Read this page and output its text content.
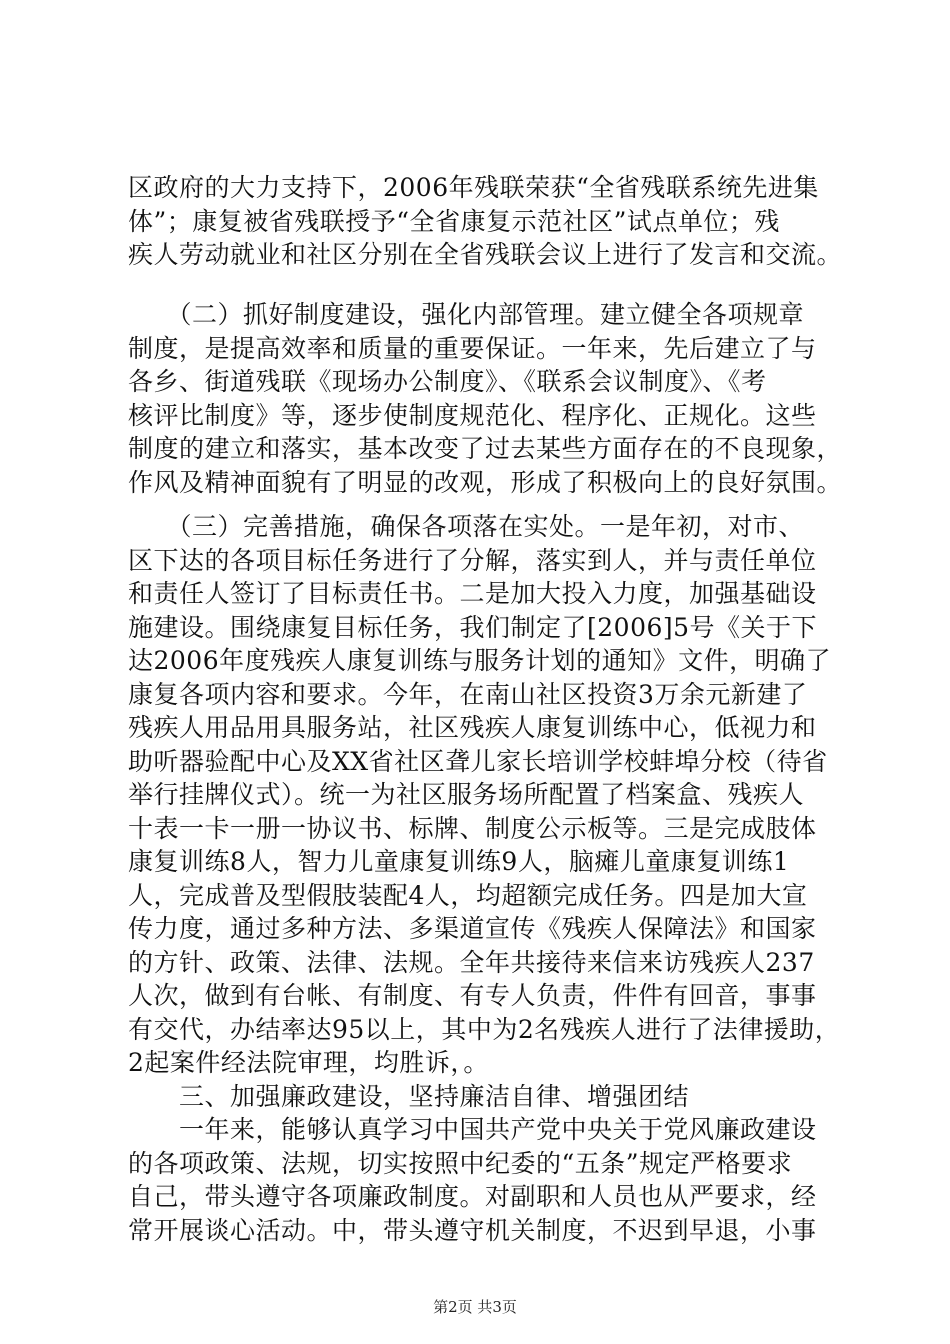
区政府的大力支持下，2006年残联荣获“全省残联系统先进集
体”；康复被省残联授予“全省康复示范社区”试点单位；残
疾人劳动就业和社区分别在全省残联会议上进行了发言和交流。
　　（二）抓好制度建设，强化内部管理。建立健全各项规章
制度，是提高效率和质量的重要保证。一年来，先后建立了与
各乡、街道残联《现场办公制度》、《联系会议制度》、《考
核评比制度》等，逐步使制度规范化、程序化、正规化。这些
制度的建立和落实，基本改变了过去某些方面存在的不良现象，
作风及精神面貌有了明显的改观，形成了积极向上的良好氛围。
　　（三）完善措施，确保各项落在实处。一是年初，对市、
区下达的各项目标任务进行了分解，落实到人，并与责任单位
和责任人签订了目标责任书。二是加大投入力度，加强基础设
施建设。围绕康复目标任务，我们制定了[2006]5号《关于下
达2006年度残疾人康复训练与服务计划的通知》文件，明确了
康复各项内容和要求。今年，在南山社区投资3万余元新建了
残疾人用品用具服务站，社区残疾人康复训练中心，低视力和
助听器验配中心及XX省社区聋儿家长培训学校蚌埠分校（待省
举行挂牌仪式）。统一为社区服务场所配置了档案盒、残疾人
十表一卡一册一协议书、标牌、制度公示板等。三是完成肢体
康复训练8人，智力儿童康复训练9人，脑瘫儿童康复训练1
人，完成普及型假肢装配4人，均超额完成任务。四是加大宣
传力度，通过多种方法、多渠道宣传《残疾人保障法》和国家
的方针、政策、法律、法规。全年共接待来信来访残疾人237
人次，做到有台帐、有制度、有专人负责，件件有回音，事事
有交代，办结率达95以上，其中为2名残疾人进行了法律援助，
2起案件经法院审理，均胜诉，。
　　三、加强廉政建设，坚持廉洁自律、增强团结
　　一年来，能够认真学习中国共产党中央关于党风廉政建设
的各项政策、法规，切实按照中纪委的“五条”规定严格要求
自己，带头遵守各项廉政制度。对副职和人员也从严要求，经
常开展谈心活动。中，带头遵守机关制度，不迟到早退，小事
第2页 共3页
